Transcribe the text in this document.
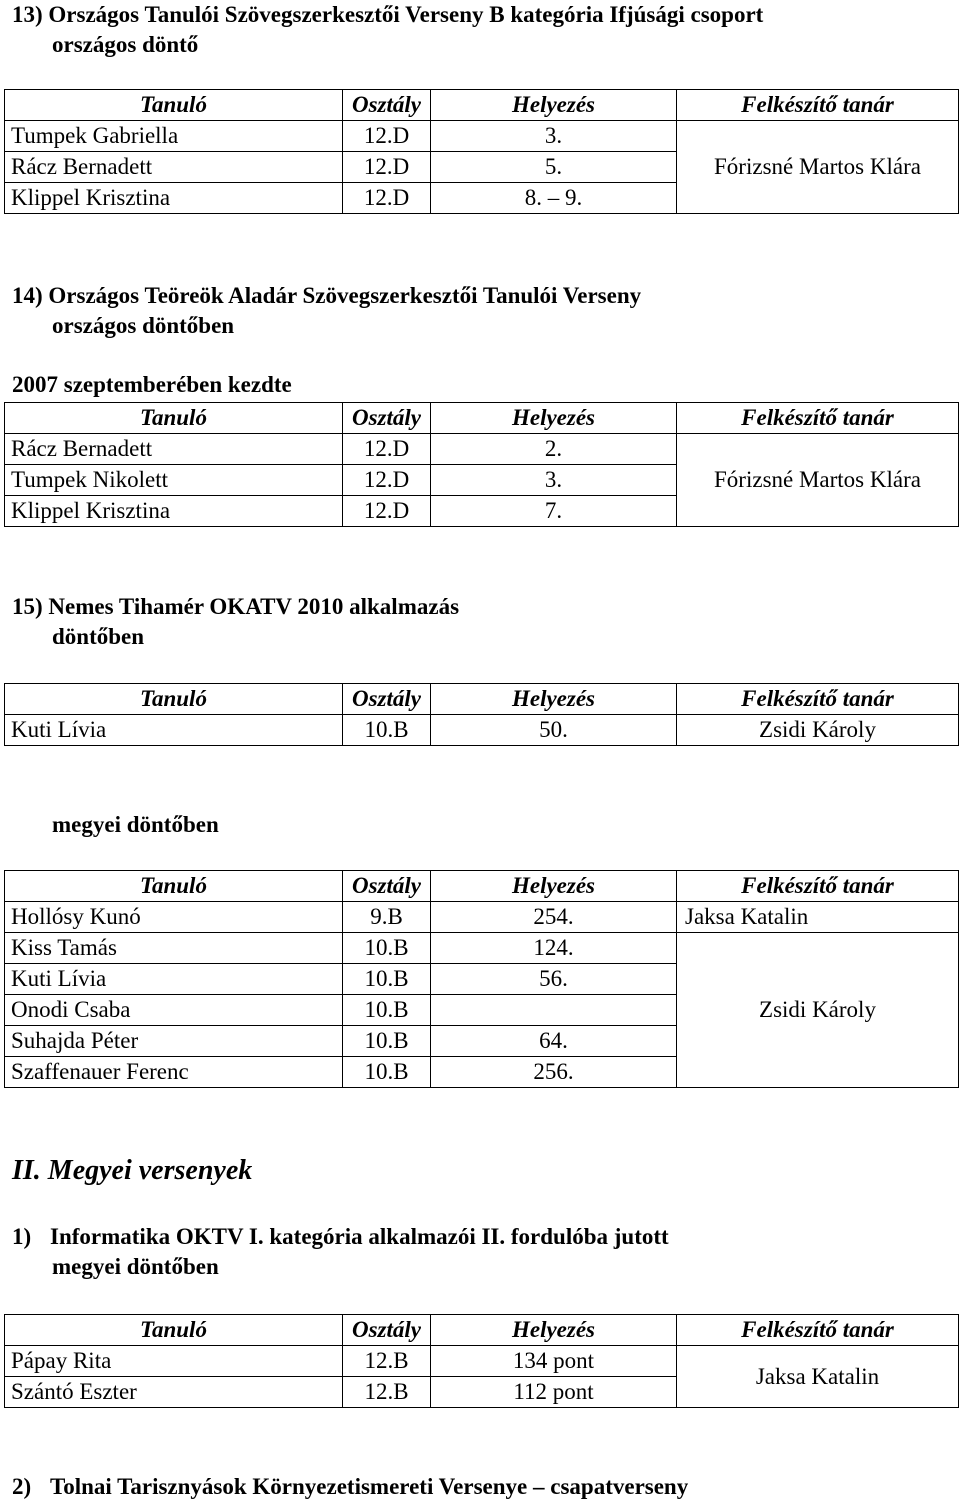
13) Országos Tanulói Szövegszerkesztői Verseny B kategória Ifjúsági csoport
országos döntő
Tanuló	Osztály	Helyezés	Felkészítő tanár
Tumpek Gabriella	12.D	3.	Fórizsné Martos Klára
Rácz Bernadett	12.D	5.	
Klippel Krisztina	12.D	8. – 9.	
14) Országos Teöreök Aladár Szövegszerkesztői Tanulói Verseny
országos döntőben
2007 szeptemberében kezdte
Tanuló	Osztály	Helyezés	Felkészítő tanár
Rácz Bernadett	12.D	2.	Fórizsné Martos Klára
Tumpek Nikolett	12.D	3.	
Klippel Krisztina	12.D	7.	
15) Nemes Tihamér OKATV 2010 alkalmazás
döntőben
Tanuló	Osztály	Helyezés	Felkészítő tanár
Kuti Lívia	10.B	50.	Zsidi Károly
megyei döntőben
Tanuló	Osztály	Helyezés	Felkészítő tanár
Hollósy Kunó	9.B	254.	Jaksa Katalin
Kiss Tamás	10.B	124.	Zsidi Károly
Kuti Lívia	10.B	56.	
Onodi Csaba	10.B		
Suhajda Péter	10.B	64.	
Szaffenauer Ferenc	10.B	256.	
II. Megyei versenyek
1) Informatika OKTV I. kategória alkalmazói II. fordulóba jutott
megyei döntőben
Tanuló	Osztály	Helyezés	Felkészítő tanár
Pápay Rita	12.B	134 pont	Jaksa Katalin
Szántó Eszter	12.B	112 pont	
2) Tolnai Tarisznyások Környezetismereti Versenye – csapatverseny
